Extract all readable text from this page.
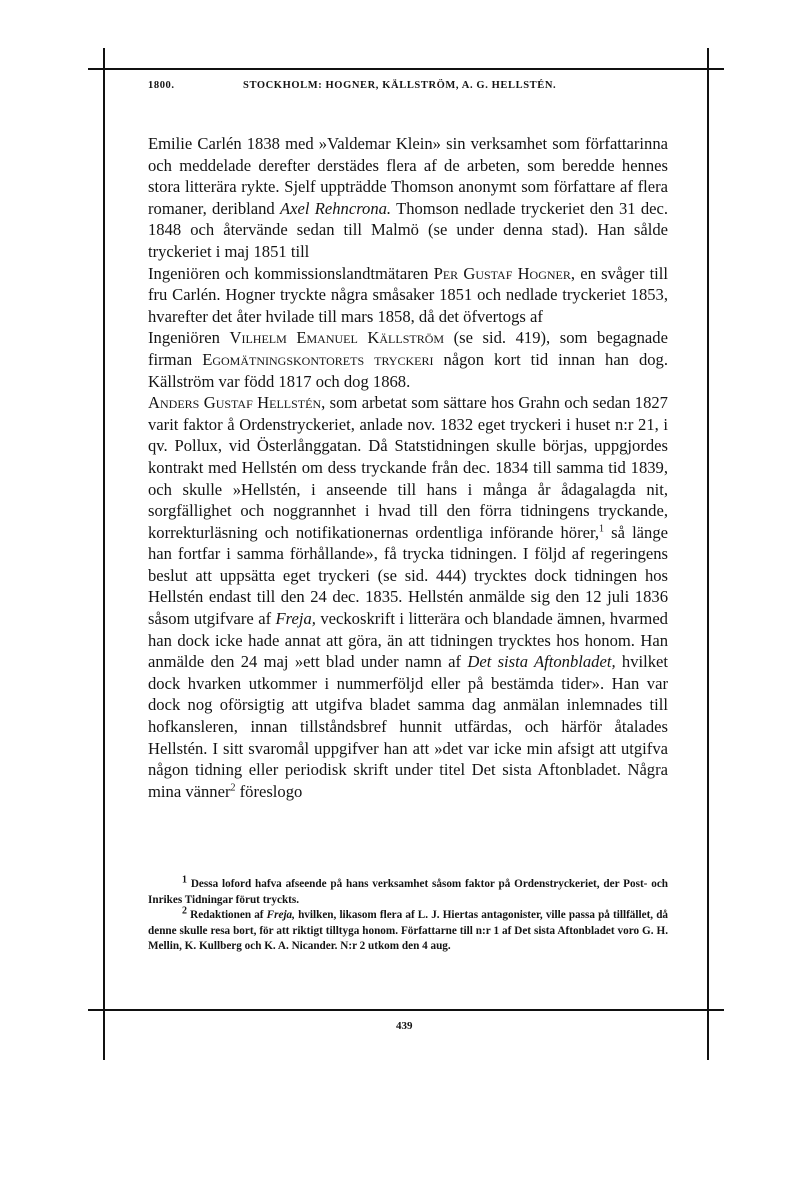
1800.	STOCKHOLM: HOGNER, KÄLLSTRÖM, A. G. HELLSTÉN.

Emilie Carlén 1838 med »Valdemar Klein» sin verksamhet som författarinna och meddelade derefter derstädes flera af de arbeten, som beredde hennes stora litterära rykte. Sjelf uppträdde Thomson anonymt som författare af flera romaner, deribland Axel Rehncrona. Thomson nedlade tryckeriet den 31 dec. 1848 och återvände sedan till Malmö (se under denna stad). Han sålde tryckeriet i maj 1851 till

Ingeniören och kommissionslandtmätaren Per Gustaf Hogner, en svåger till fru Carlén. Hogner tryckte några småsaker 1851 och nedlade tryckeriet 1853, hvarefter det åter hvilade till mars 1858, då det öfvertogs af

Ingeniören Vilhelm Emanuel Källström (se sid. 419), som begagnade firman Egomätningskontorets tryckeri någon kort tid innan han dog. Källström var född 1817 och dog 1868.

Anders Gustaf Hellstén, som arbetat som sättare hos Grahn och sedan 1827 varit faktor å Ordenstryckeriet, anlade nov. 1832 eget tryckeri i huset n:r 21, i qv. Pollux, vid Österlånggatan. Då Statstidningen skulle börjas, uppgjordes kontrakt med Hellstén om dess tryckande från dec. 1834 till samma tid 1839, och skulle »Hellstén, i anseende till hans i många år ådagalagda nit, sorgfällighet och noggrannhet i hvad till den förra tidningens tryckande, korrekturläsning och notifikationernas ordentliga införande hörer,$^1$ så länge han fortfar i samma förhållande», få trycka tidningen. I följd af regeringens beslut att uppsätta eget tryckeri (se sid. 444) trycktes dock tidningen hos Hellstén endast till den 24 dec. 1835. Hellstén anmälde sig den 12 juli 1836 såsom utgifvare af Freja, veckoskrift i litterära och blandade ämnen, hvarmed han dock icke hade annat att göra, än att tidningen trycktes hos honom. Han anmälde den 24 maj »ett blad under namn af Det sista Aftonbladet, hvilket dock hvarken utkommer i nummerföljd eller på bestämda tider». Han var dock nog oförsigtig att utgifva bladet samma dag anmälan inlemnades till hofkansleren, innan tillståndsbref hunnit utfärdas, och härför åtalades Hellstén. I sitt svaromål uppgifver han att »det var icke min afsigt att utgifva någon tidning eller periodisk skrift under titel Det sista Aftonbladet. Några mina vänner$^2$ föreslogo

$^1$ Dessa loford hafva afseende på hans verksamhet såsom faktor på Ordenstryckeriet, der Post- och Inrikes Tidningar förut tryckts.

$^2$ Redaktionen af Freja, hvilken, likasom flera af L. J. Hiertas antagonister, ville passa på tillfället, då denne skulle resa bort, för att riktigt tilltyga honom. Författarne till n:r 1 af Det sista Aftonbladet voro G. H. Mellin, K. Kullberg och K. A. Nicander. N:r 2 utkom den 4 aug.

439
